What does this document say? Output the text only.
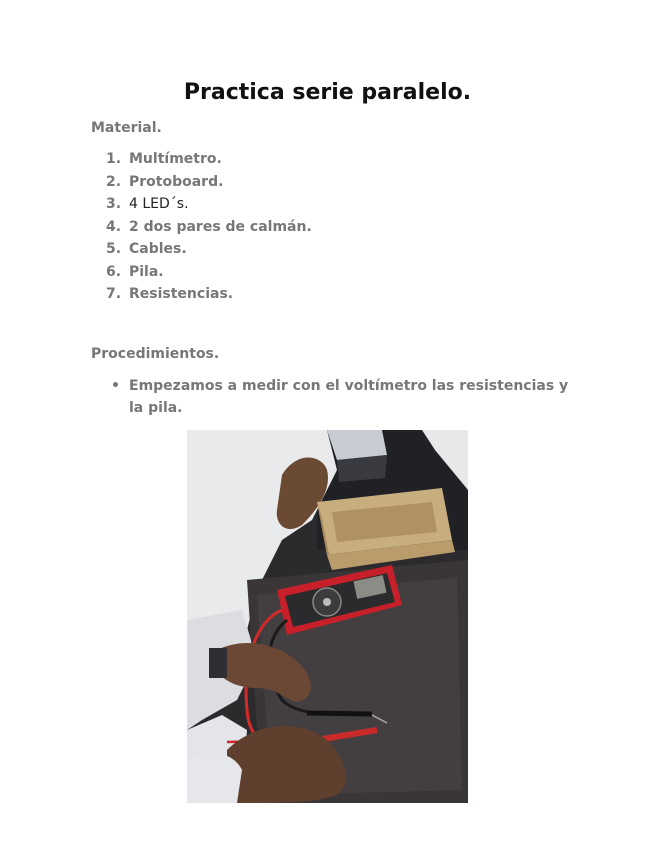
Practica serie paralelo.
Material.
1. Multímetro.
2. Protoboard.
3. 4 LED´s.
4. 2 dos pares de calmán.
5. Cables.
6. Pila.
7. Resistencias.
Procedimientos.
• Empezamos a medir con el voltímetro las resistencias y la pila.
